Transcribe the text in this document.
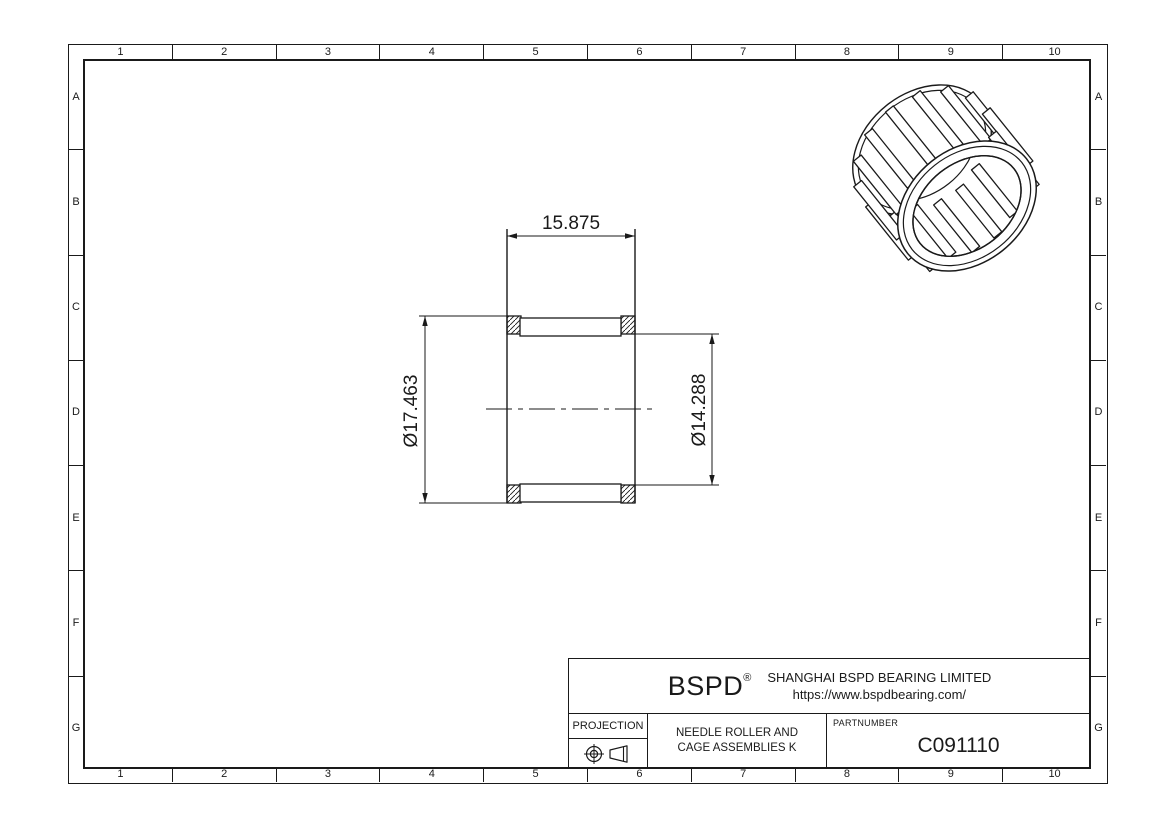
1	2	3	4	5	6	7	8	9	10
1	2	3	4	5	6	7	8	9	10
A
B
C
D
E
F
G
A
B
C
D
E
F
G
15.875
Ø17.463	Ø14.288
BSPD® SHANGHAI BSPD BEARING LIMITED
https://www.bspdbearing.com/
PROJECTION
NEEDLE ROLLER AND
CAGE ASSEMBLIES K
PARTNUMBER
C091110
